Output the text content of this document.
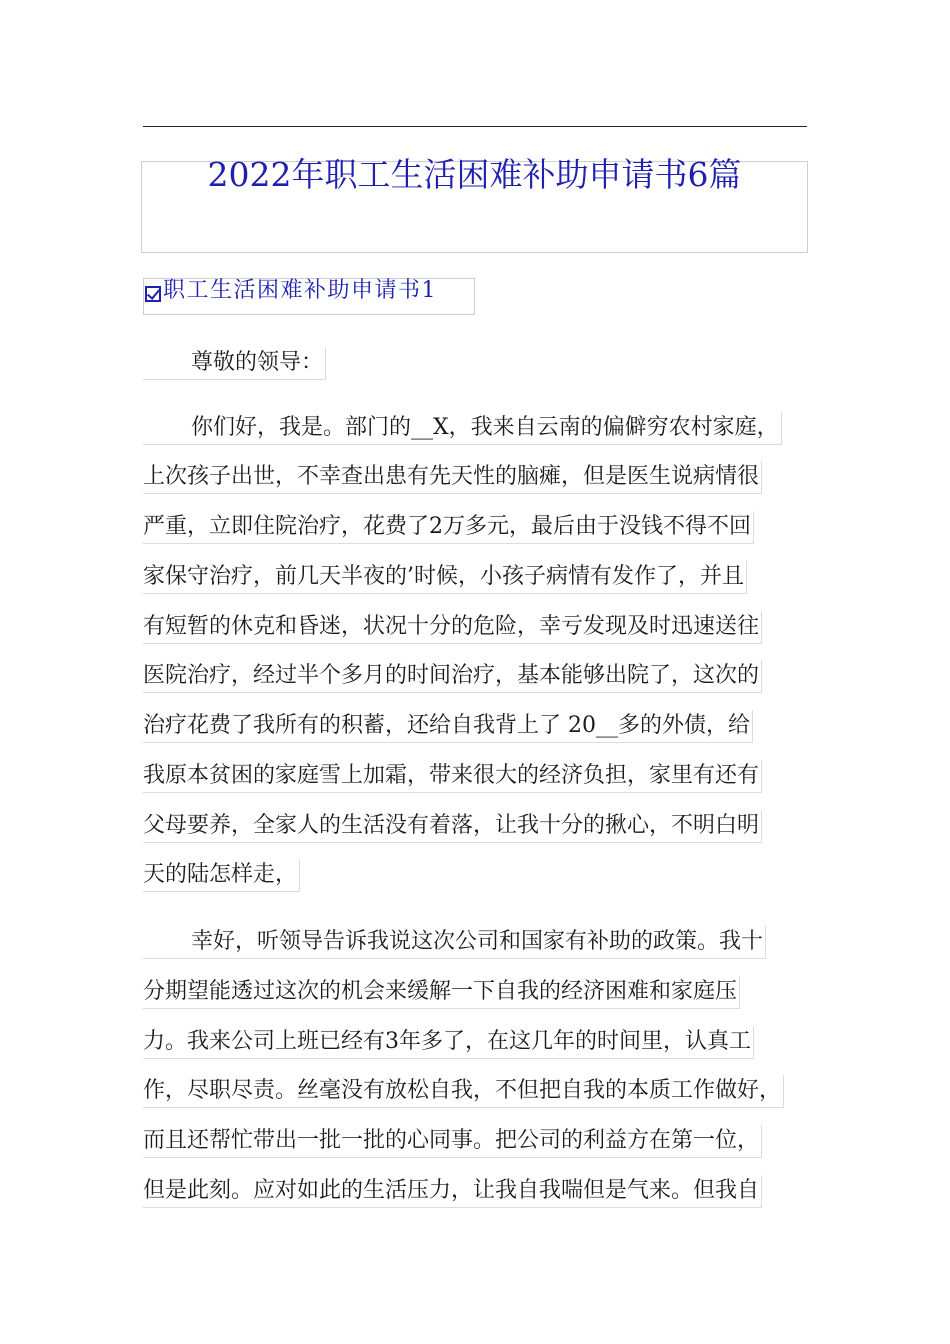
2022年职工生活困难补助申请书6篇
职工生活困难补助申请书1
尊敬的领导：
你们好，我是。部门的__X，我来自云南的偏僻穷农村家庭，
上次孩子出世，不幸查出患有先天性的脑瘫，但是医生说病情很
严重，立即住院治疗，花费了2万多元，最后由于没钱不得不回
家保守治疗，前几天半夜的’时候，小孩子病情有发作了，并且
有短暂的休克和昏迷，状况十分的危险，幸亏发现及时迅速送往
医院治疗，经过半个多月的时间治疗，基本能够出院了，这次的
治疗花费了我所有的积蓄，还给自我背上了 20__多的外债，给
我原本贫困的家庭雪上加霜，带来很大的经济负担，家里有还有
父母要养，全家人的生活没有着落，让我十分的揪心，不明白明
天的陆怎样走，
幸好，听领导告诉我说这次公司和国家有补助的政策。我十
分期望能透过这次的机会来缓解一下自我的经济困难和家庭压
力。我来公司上班已经有3年多了，在这几年的时间里，认真工
作，尽职尽责。丝毫没有放松自我，不但把自我的本质工作做好，
而且还帮忙带出一批一批的心同事。把公司的利益方在第一位，
但是此刻。应对如此的生活压力，让我自我喘但是气来。但我自
